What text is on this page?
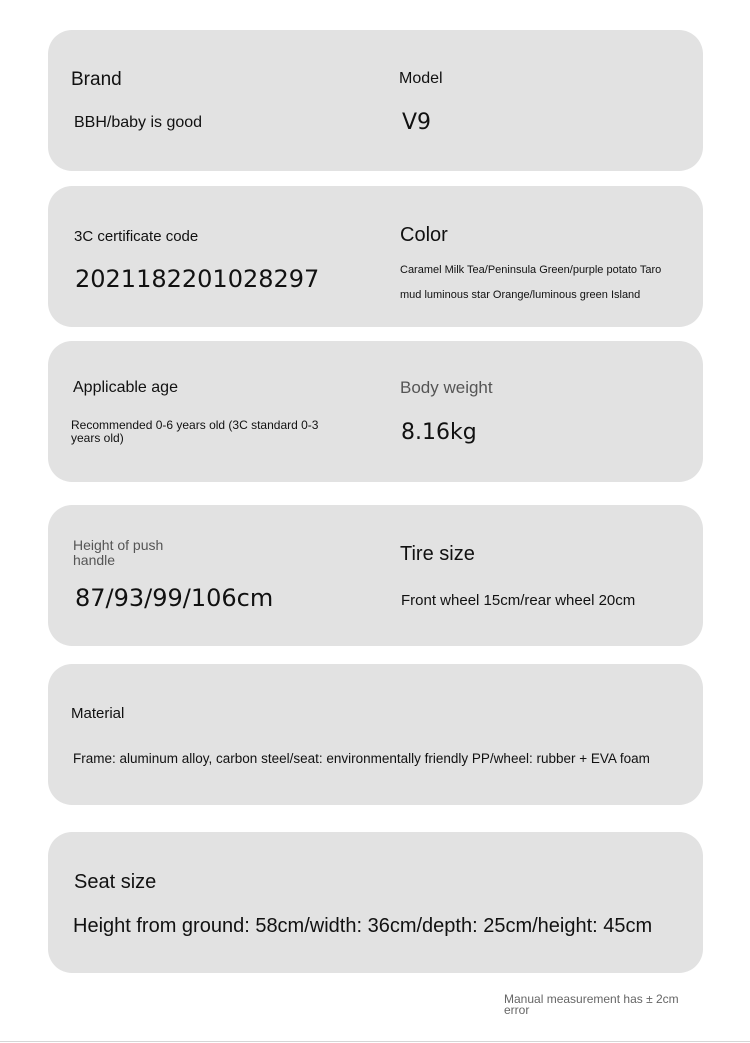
Brand
BBH/baby is good
Model
V9
3C certificate code
2021182201028297
Color
Caramel Milk Tea/Peninsula Green/purple potato Taro
mud luminous star Orange/luminous green Island
Applicable age
Recommended 0-6 years old (3C standard 0-3 years old)
Body weight
8.16kg
Height of push
handle
87/93/99/106cm
Tire size
Front wheel 15cm/rear wheel 20cm
Material
Frame: aluminum alloy, carbon steel/seat: environmentally friendly PP/wheel: rubber + EVA foam
Seat size
Height from ground: 58cm/width: 36cm/depth: 25cm/height: 45cm
Manual measurement has ± 2cm error
